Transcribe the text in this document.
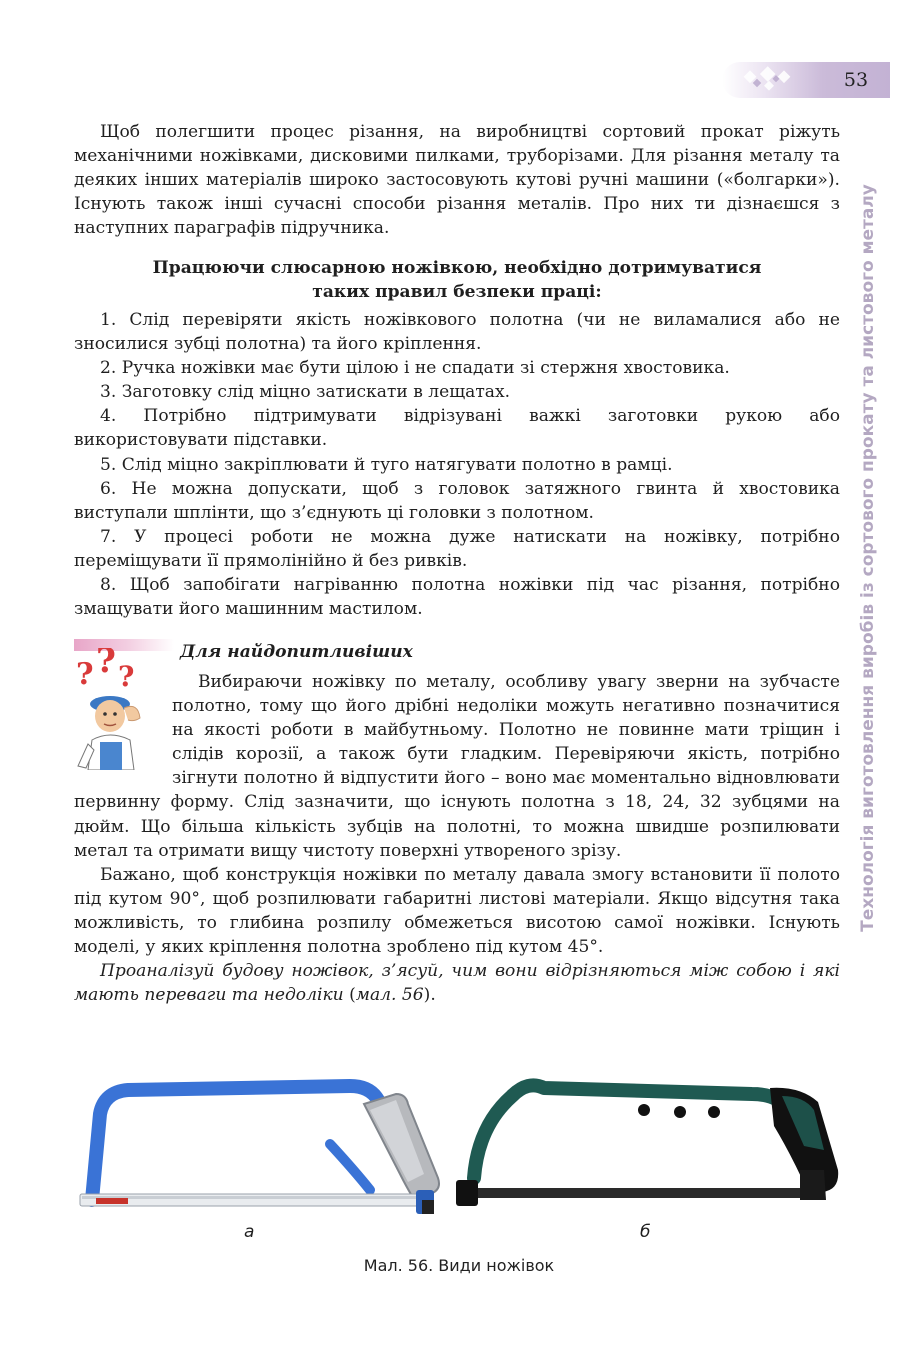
53
Технологія виготовлення виробів із сортового прокату та листового металу

Щоб полегшити процес різання, на виробництві сортовий прокат ріжуть механічними ножівками, дисковими пилками, труборізами. Для різання металу та деяких інших матеріалів широко застосовують кутові ручні машини («болгарки»). Існують також інші сучасні способи різання металів. Про них ти дізнаєшся з наступних параграфів підручника.

Працюючи слюсарною ножівкою, необхідно дотримуватися
таких правил безпеки праці:

1. Слід перевіряти якість ножівкового полотна (чи не виламалися або не зносилися зубці полотна) та його кріплення.

2. Ручка ножівки має бути цілою і не спадати зі стержня хвостовика.

3. Заготовку слід міцно затискати в лещатах.

4. Потрібно підтримувати відрізувані важкі заготовки рукою або використовувати підставки.

5. Слід міцно закріплювати й туго натягувати полотно в рамці.

6. Не можна допускати, щоб з головок затяжного гвинта й хвостовика виступали шплінти, що з’єднують ці головки з полотном.

7. У процесі роботи не можна дуже натискати на ножівку, потрібно переміщувати її прямолінійно й без ривків.

8. Щоб запобігати нагріванню полотна ножівки під час різання, потрібно змащувати його машинним мастилом.

Для найдопитливіших
? ? ?	Вибираючи ножівку по металу, особливу увагу зверни на зубчасте полотно, тому що його дрібні недоліки можуть негативно позначитися на якості роботи в майбутньому. Полотно не повинне мати тріщин і слідів корозії, а також бути гладким. Перевіряючи якість, потрібно зігнути полотно й відпустити його – воно має моментально відновлювати первинну форму. Слід зазначити, що існують полотна з 18, 24, 32 зубцями на дюйм. Що більша кількість зубців на полотні, то можна швидше розпилювати метал та отримати вищу чистоту поверхні утвореного зрізу.

Бажано, щоб конструкція ножівки по металу давала змогу встановити її полото під кутом 90°, щоб розпилювати габаритні листові матеріали. Якщо відсутня така можливість, то глибина розпилу обмежеться висотою самої ножівки. Існують моделі, у яких кріплення полотна зроблено під кутом 45°.

Проаналізуй будову ножівок, з’ясуй, чим вони відрізняються між собою і які мають переваги та недоліки (мал. 56).

а	б
Мал. 56. Види ножівок
